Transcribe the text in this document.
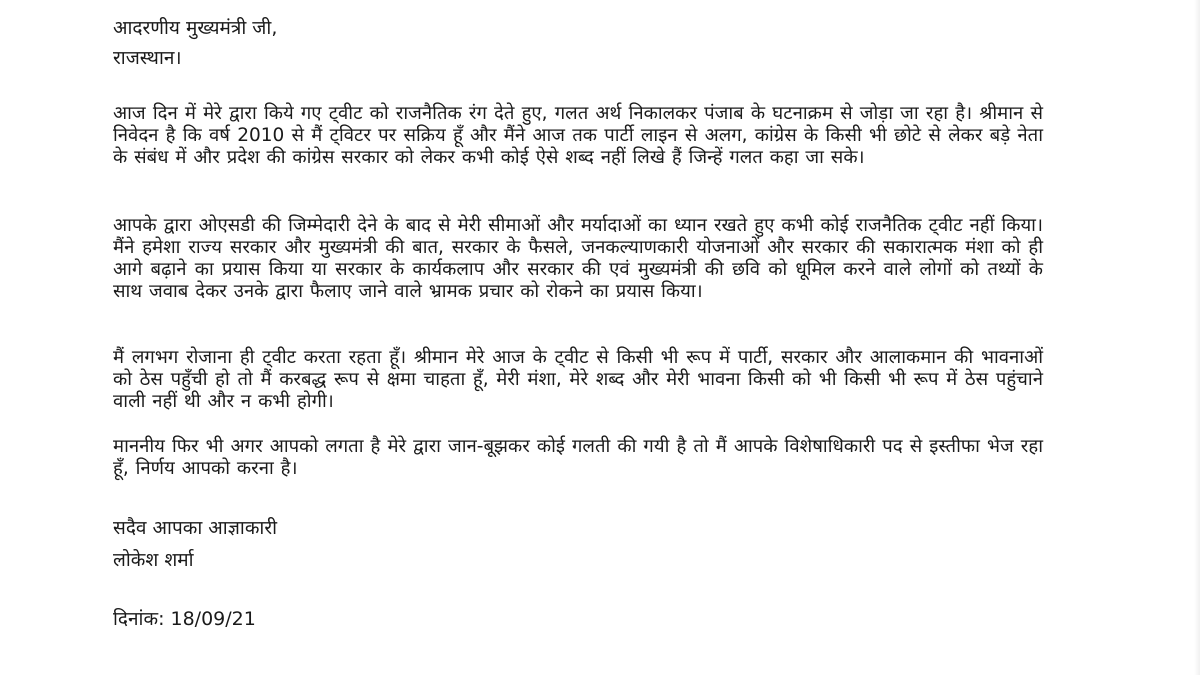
आदरणीय मुख्यमंत्री जी,
राजस्थान।
आज दिन में मेरे द्वारा किये गए ट्वीट को राजनैतिक रंग देते हुए, गलत अर्थ निकालकर पंजाब के घटनाक्रम से जोड़ा जा रहा है। श्रीमान से निवेदन है कि वर्ष 2010 से मैं ट्विटर पर सक्रिय हूँ और मैंने आज तक पार्टी लाइन से अलग, कांग्रेस के किसी भी छोटे से लेकर बड़े नेता के संबंध में और प्रदेश की कांग्रेस सरकार को लेकर कभी कोई ऐसे शब्द नहीं लिखे हैं जिन्हें गलत कहा जा सके।
आपके द्वारा ओएसडी की जिम्मेदारी देने के बाद से मेरी सीमाओं और मर्यादाओं का ध्यान रखते हुए कभी कोई राजनैतिक ट्वीट नहीं किया। मैंने हमेशा राज्य सरकार और मुख्यमंत्री की बात, सरकार के फैसले, जनकल्याणकारी योजनाओं और सरकार की सकारात्मक मंशा को ही आगे बढ़ाने का प्रयास किया या सरकार के कार्यकलाप और सरकार की एवं मुख्यमंत्री की छवि को धूमिल करने वाले लोगों को तथ्यों के साथ जवाब देकर उनके द्वारा फैलाए जाने वाले भ्रामक प्रचार को रोकने का प्रयास किया।
मैं लगभग रोजाना ही ट्वीट करता रहता हूँ। श्रीमान मेरे आज के ट्वीट से किसी भी रूप में पार्टी, सरकार और आलाकमान की भावनाओं को ठेस पहुँची हो तो मैं करबद्ध रूप से क्षमा चाहता हूँ, मेरी मंशा, मेरे शब्द और मेरी भावना किसी को भी किसी भी रूप में ठेस पहुंचाने वाली नहीं थी और न कभी होगी।
माननीय फिर भी अगर आपको लगता है मेरे द्वारा जान-बूझकर कोई गलती की गयी है तो मैं आपके विशेषाधिकारी पद से इस्तीफा भेज रहा हूँ, निर्णय आपको करना है।
सदैव आपका आज्ञाकारी
लोकेश शर्मा
दिनांक: 18/09/21
